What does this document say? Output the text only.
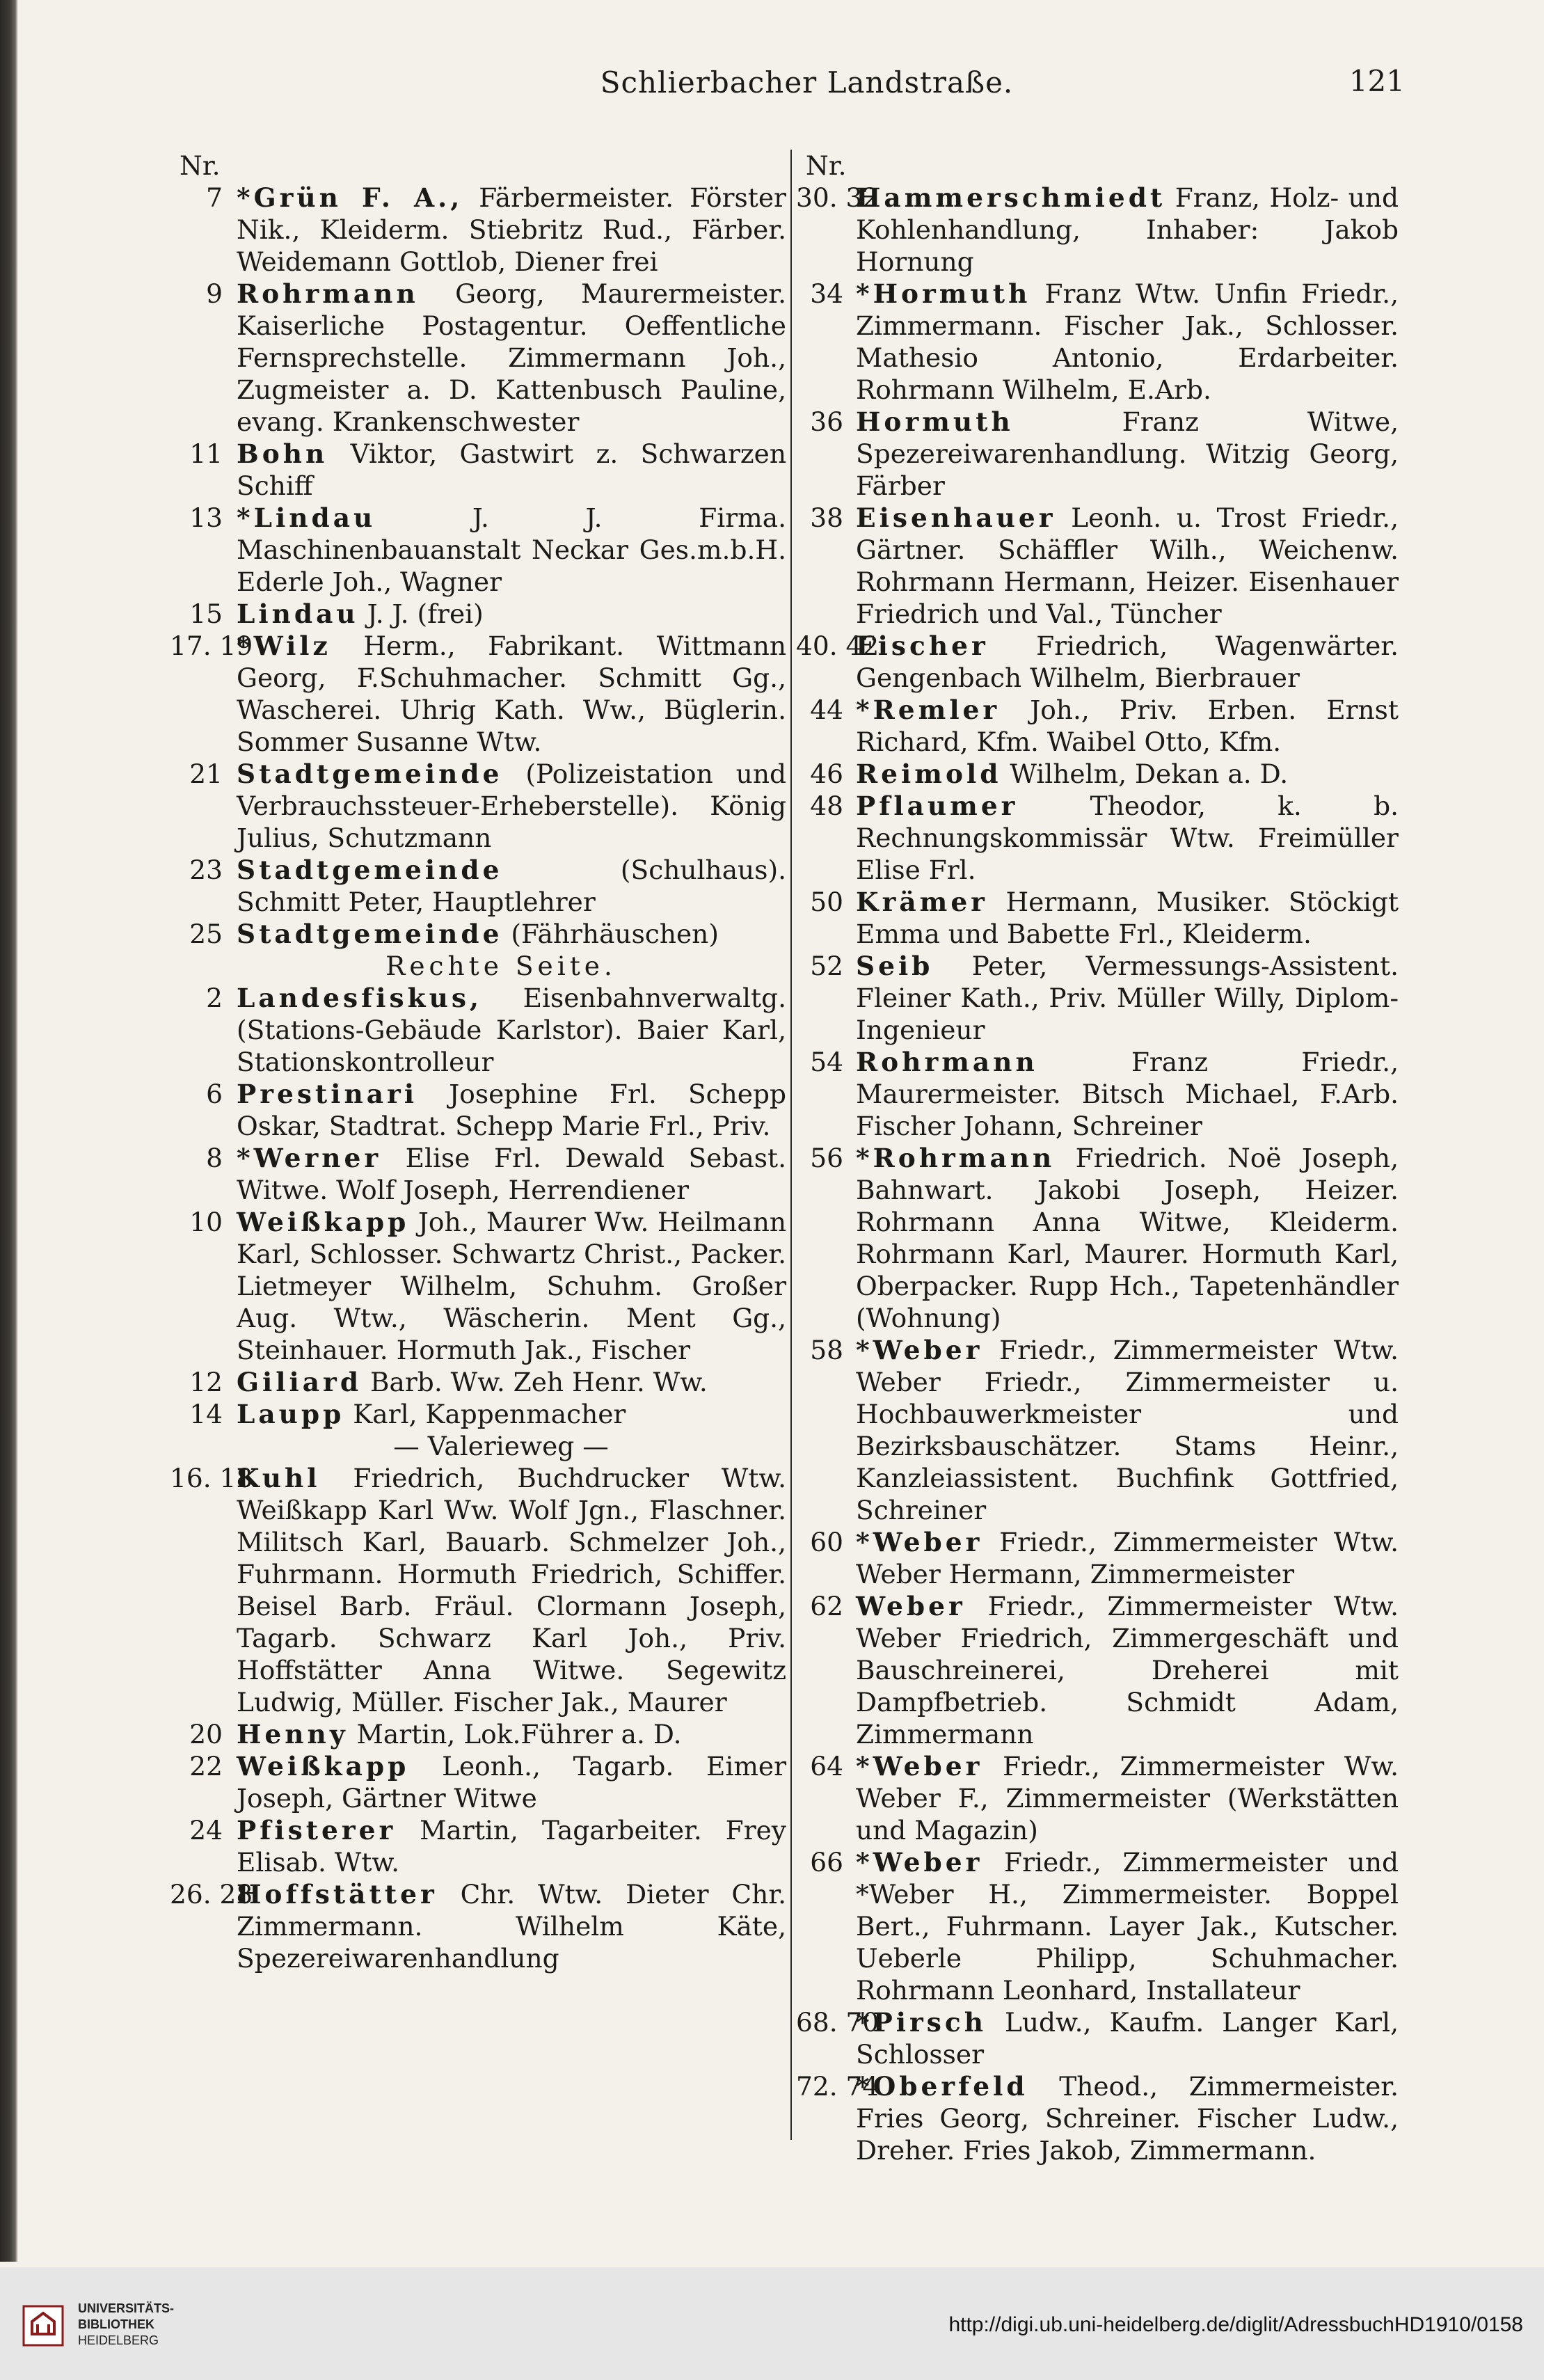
Schlierbacher Landstraße.	121
Nr.
7 *Grün F. A., Färbermeister. Förster Nik., Kleiderm. Stiebritz Rud., Färber. Weidemann Gottlob, Diener frei
9 Rohrmann Georg, Maurermeister. Kaiserliche Postagentur. Oeffentliche Fernsprechstelle. Zimmermann Joh., Zugmeister a. D. Kattenbusch Pauline, evang. Krankenschwester
11 Bohn Viktor, Gastwirt z. Schwarzen Schiff
13 *Lindau J. J. Firma. Maschinenbauanstalt Neckar Ges.m.b.H. Ederle Joh., Wagner
15 Lindau J. J. (frei)
17. 19
*Wilz Herm., Fabrikant. Wittmann Georg, F.Schuhmacher. Schmitt Gg., Wascherei. Uhrig Kath. Ww., Büglerin. Sommer Susanne Wtw.
21 Stadtgemeinde (Polizeistation und Verbrauchssteuer-Erheberstelle). König Julius, Schutzmann
23 Stadtgemeinde (Schulhaus). Schmitt Peter, Hauptlehrer
25 Stadtgemeinde (Fährhäuschen)
Rechte Seite.
2 Landesfiskus, Eisenbahnverwaltg. (Stations-Gebäude Karlstor). Baier Karl, Stationskontrolleur
6 Prestinari Josephine Frl. Schepp Oskar, Stadtrat. Schepp Marie Frl., Priv.
8 *Werner Elise Frl. Dewald Sebast. Witwe. Wolf Joseph, Herrendiener
10 Weißkapp Joh., Maurer Ww. Heilmann Karl, Schlosser. Schwartz Christ., Packer. Lietmeyer Wilhelm, Schuhm. Großer Aug. Wtw., Wäscherin. Ment Gg., Steinhauer. Hormuth Jak., Fischer
12 Giliard Barb. Ww. Zeh Henr. Ww.
14 Laupp Karl, Kappenmacher
— Valerieweg —
16. 18
Kuhl Friedrich, Buchdrucker Wtw. Weißkapp Karl Ww. Wolf Jgn., Flaschner. Militsch Karl, Bauarb. Schmelzer Joh., Fuhrmann. Hormuth Friedrich, Schiffer. Beisel Barb. Fräul. Clormann Joseph, Tagarb. Schwarz Karl Joh., Priv. Hoffstätter Anna Witwe. Segewitz Ludwig, Müller. Fischer Jak., Maurer
20 Henny Martin, Lok.Führer a. D.
22 Weißkapp Leonh., Tagarb. Eimer Joseph, Gärtner Witwe
24 Pfisterer Martin, Tagarbeiter. Frey Elisab. Wtw.
26. 28
Hoffstätter Chr. Wtw. Dieter Chr. Zimmermann. Wilhelm Käte, Spezereiwarenhandlung
Nr.
30. 32
Hammerschmiedt Franz, Holz- und Kohlenhandlung, Inhaber: Jakob Hornung
34 *Hormuth Franz Wtw. Unfin Friedr., Zimmermann. Fischer Jak., Schlosser. Mathesio Antonio, Erdarbeiter. Rohrmann Wilhelm, E.Arb.
36 Hormuth Franz Witwe, Spezereiwarenhandlung. Witzig Georg, Färber
38 Eisenhauer Leonh. u. Trost Friedr., Gärtner. Schäffler Wilh., Weichenw. Rohrmann Hermann, Heizer. Eisenhauer Friedrich und Val., Tüncher
40. 42
Fischer Friedrich, Wagenwärter. Gengenbach Wilhelm, Bierbrauer
44 *Remler Joh., Priv. Erben. Ernst Richard, Kfm. Waibel Otto, Kfm.
46 Reimold Wilhelm, Dekan a. D.
48 Pflaumer Theodor, k. b. Rechnungskommissär Wtw. Freimüller Elise Frl.
50 Krämer Hermann, Musiker. Stöckigt Emma und Babette Frl., Kleiderm.
52 Seib Peter, Vermessungs-Assistent. Fleiner Kath., Priv. Müller Willy, Diplom-Ingenieur
54 Rohrmann Franz Friedr., Maurermeister. Bitsch Michael, F.Arb. Fischer Johann, Schreiner
56 *Rohrmann Friedrich. Noë Joseph, Bahnwart. Jakobi Joseph, Heizer. Rohrmann Anna Witwe, Kleiderm. Rohrmann Karl, Maurer. Hormuth Karl, Oberpacker. Rupp Hch., Tapetenhändler (Wohnung)
58 *Weber Friedr., Zimmermeister Wtw. Weber Friedr., Zimmermeister u. Hochbauwerkmeister und Bezirksbauschätzer. Stams Heinr., Kanzleiassistent. Buchfink Gottfried, Schreiner
60 *Weber Friedr., Zimmermeister Wtw. Weber Hermann, Zimmermeister
62 Weber Friedr., Zimmermeister Wtw. Weber Friedrich, Zimmergeschäft und Bauschreinerei, Dreherei mit Dampfbetrieb. Schmidt Adam, Zimmermann
64 *Weber Friedr., Zimmermeister Ww. Weber F., Zimmermeister (Werkstätten und Magazin)
66 *Weber Friedr., Zimmermeister und *Weber H., Zimmermeister. Boppel Bert., Fuhrmann. Layer Jak., Kutscher. Ueberle Philipp, Schuhmacher. Rohrmann Leonhard, Installateur
68. 70
*Pirsch Ludw., Kaufm. Langer Karl, Schlosser
72. 74
*Oberfeld Theod., Zimmermeister. Fries Georg, Schreiner. Fischer Ludw., Dreher. Fries Jakob, Zimmermann.
UNIVERSITÄTS-
BIBLIOTHEK
HEIDELBERG
http://digi.ub.uni-heidelberg.de/diglit/AdressbuchHD1910/0158
